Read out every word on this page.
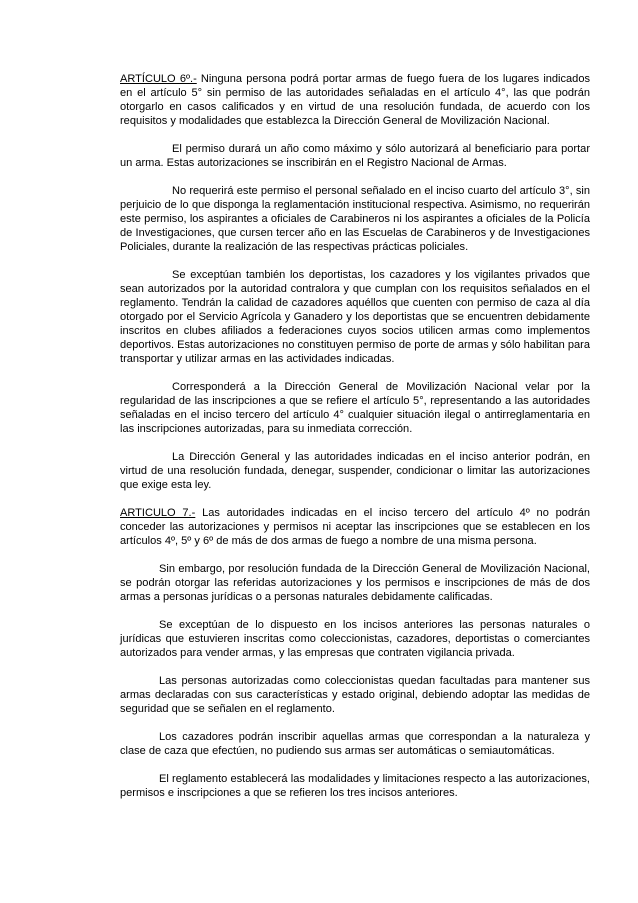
ARTÍCULO 6º.- Ninguna persona podrá portar armas de fuego fuera de los lugares indicados en el artículo 5° sin permiso de las autoridades señaladas en el artículo 4°, las que podrán otorgarlo en casos calificados y en virtud de una resolución fundada, de acuerdo con los requisitos y modalidades que establezca la Dirección General de Movilización Nacional.

El permiso durará un año como máximo y sólo autorizará al beneficiario para portar un arma. Estas autorizaciones se inscribirán en el Registro Nacional de Armas.

No requerirá este permiso el personal señalado en el inciso cuarto del artículo 3°, sin perjuicio de lo que disponga la reglamentación institucional respectiva. Asimismo, no requerirán este permiso, los aspirantes a oficiales de Carabineros ni los aspirantes a oficiales de la Policía de Investigaciones, que cursen tercer año en las Escuelas de Carabineros y de Investigaciones Policiales, durante la realización de las respectivas prácticas policiales.

Se exceptúan también los deportistas, los cazadores y los vigilantes privados que sean autorizados por la autoridad contralora y que cumplan con los requisitos señalados en el reglamento. Tendrán la calidad de cazadores aquéllos que cuenten con permiso de caza al día otorgado por el Servicio Agrícola y Ganadero y los deportistas que se encuentren debidamente inscritos en clubes afiliados a federaciones cuyos socios utilicen armas como implementos deportivos. Estas autorizaciones no constituyen permiso de porte de armas y sólo habilitan para transportar y utilizar armas en las actividades indicadas.

Corresponderá a la Dirección General de Movilización Nacional velar por la regularidad de las inscripciones a que se refiere el artículo 5°, representando a las autoridades señaladas en el inciso tercero del artículo 4° cualquier situación ilegal o antirreglamentaria en las inscripciones autorizadas, para su inmediata corrección.

La Dirección General y las autoridades indicadas en el inciso anterior podrán, en virtud de una resolución fundada, denegar, suspender, condicionar o limitar las autorizaciones que exige esta ley.

ARTICULO 7.- Las autoridades indicadas en el inciso tercero del artículo 4º no podrán conceder las autorizaciones y permisos ni aceptar las inscripciones que se establecen en los artículos 4º, 5º y 6º de más de dos armas de fuego a nombre de una misma persona.

Sin embargo, por resolución fundada de la Dirección General de Movilización Nacional, se podrán otorgar las referidas autorizaciones y los permisos e inscripciones de más de dos armas a personas jurídicas o a personas naturales debidamente calificadas.

Se exceptúan de lo dispuesto en los incisos anteriores las personas naturales o jurídicas que estuvieren inscritas como coleccionistas, cazadores, deportistas o comerciantes autorizados para vender armas, y las empresas que contraten vigilancia privada.

Las personas autorizadas como coleccionistas quedan facultadas para mantener sus armas declaradas con sus características y estado original, debiendo adoptar las medidas de seguridad que se señalen en el reglamento.

Los cazadores podrán inscribir aquellas armas que correspondan a la naturaleza y clase de caza que efectúen, no pudiendo sus armas ser automáticas o semiautomáticas.

El reglamento establecerá las modalidades y limitaciones respecto a las autorizaciones, permisos e inscripciones a que se refieren los tres incisos anteriores.
